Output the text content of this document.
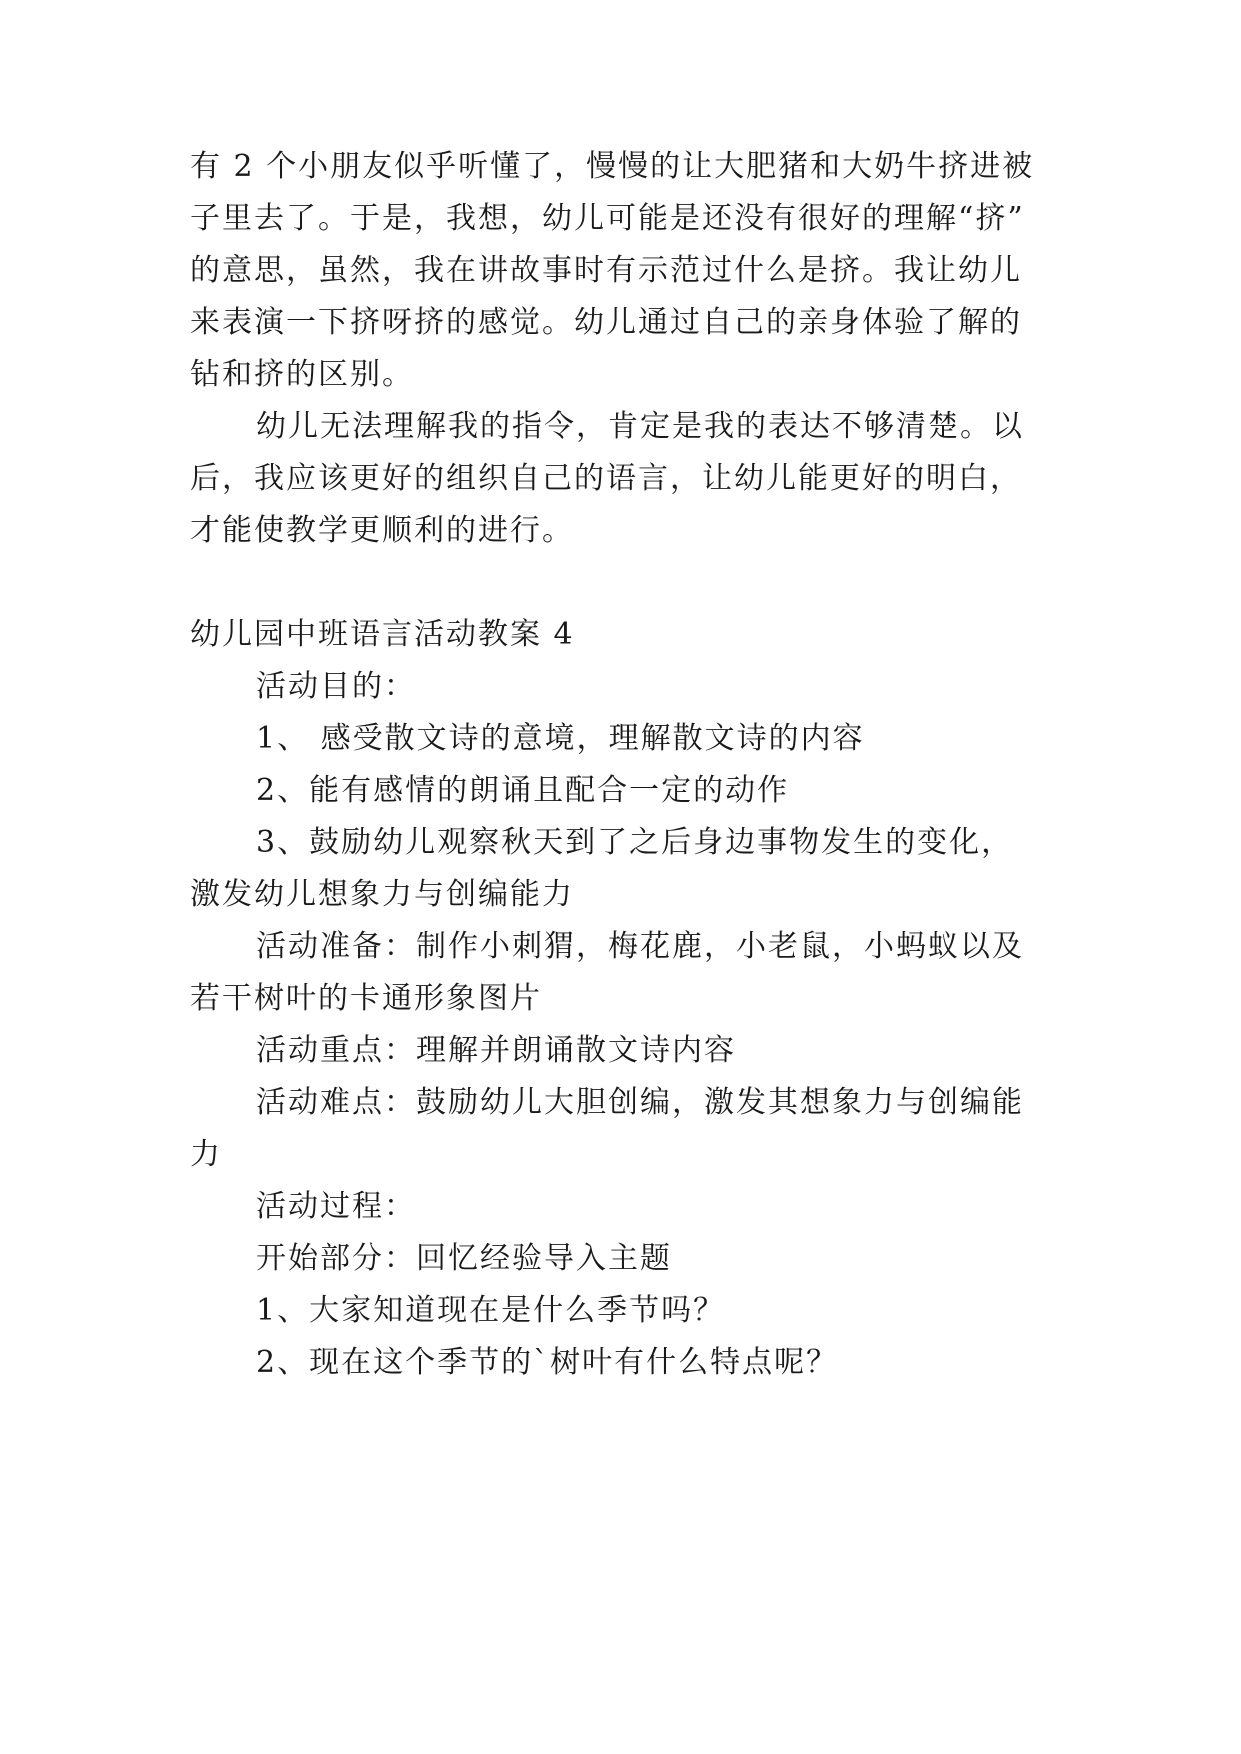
有 2 个小朋友似乎听懂了，慢慢的让大肥猪和大奶牛挤进被

子里去了。于是，我想，幼儿可能是还没有很好的理解“挤”

的意思，虽然，我在讲故事时有示范过什么是挤。我让幼儿

来表演一下挤呀挤的感觉。幼儿通过自己的亲身体验了解的

钻和挤的区别。

幼儿无法理解我的指令，肯定是我的表达不够清楚。以

后，我应该更好的组织自己的语言，让幼儿能更好的明白，

才能使教学更顺利的进行。

幼儿园中班语言活动教案 4

活动目的：

1、 感受散文诗的意境，理解散文诗的内容

2、能有感情的朗诵且配合一定的动作

3、鼓励幼儿观察秋天到了之后身边事物发生的变化，

激发幼儿想象力与创编能力

活动准备：制作小刺猬，梅花鹿，小老鼠，小蚂蚁以及

若干树叶的卡通形象图片

活动重点：理解并朗诵散文诗内容

活动难点：鼓励幼儿大胆创编，激发其想象力与创编能

力

活动过程：

开始部分：回忆经验导入主题

1、大家知道现在是什么季节吗？

2、现在这个季节的`树叶有什么特点呢？
